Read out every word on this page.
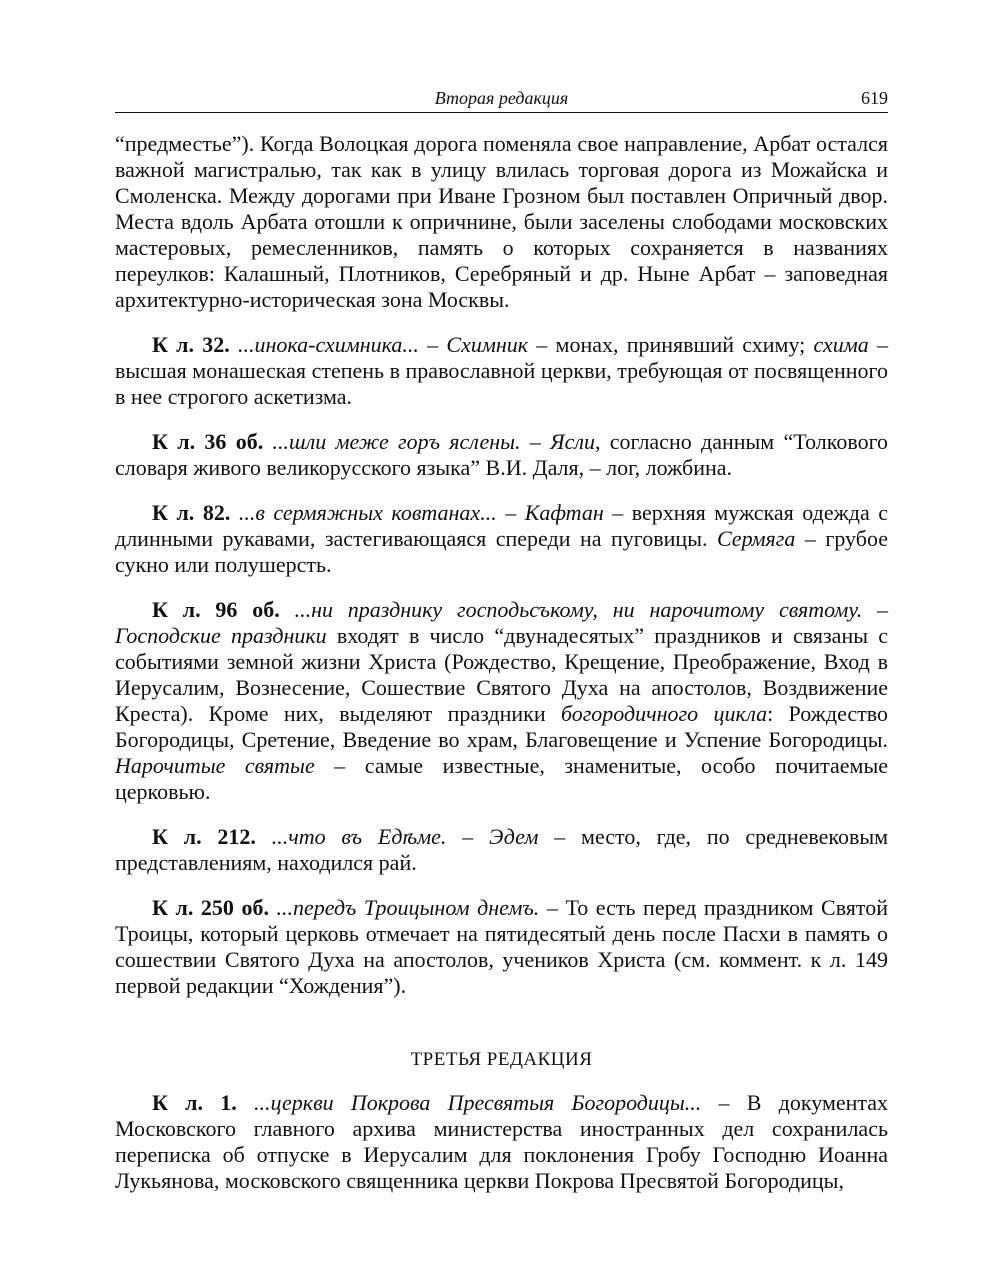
Вторая редакция	619

“предместье”). Когда Волоцкая дорога поменяла свое направление, Арбат остался важной магистралью, так как в улицу влилась торговая дорога из Можайска и Смоленска. Между дорогами при Иване Грозном был поставлен Опричный двор. Места вдоль Арбата отошли к опричнине, были заселены слободами московских мастеровых, ремесленников, память о которых сохраняется в названиях переулков: Калашный, Плотников, Серебряный и др. Ныне Арбат – заповедная архитектурно-историческая зона Москвы.

К л. 32. ...инока-схимника... – Схимник – монах, принявший схиму; схима – высшая монашеская степень в православной церкви, требующая от посвященного в нее строгого аскетизма.

К л. 36 об. ...шли меже горъ яслены. – Ясли, согласно данным “Толкового словаря живого великорусского языка” В.И. Даля, – лог, ложбина.

К л. 82. ...в сермяжных ковтанах... – Кафтан – верхняя мужская одежда с длинными рукавами, застегивающаяся спереди на пуговицы. Сермяга – грубое сукно или полушерсть.

К л. 96 об. ...ни празднику господьсъкому, ни нарочитому святому. – Господские праздники входят в число “двунадесятых” праздников и связаны с событиями земной жизни Христа (Рождество, Крещение, Преображение, Вход в Иерусалим, Вознесение, Сошествие Святого Духа на апостолов, Воздвижение Креста). Кроме них, выделяют праздники богородичного цикла: Рождество Богородицы, Сретение, Введение во храм, Благовещение и Успение Богородицы. Нарочитые святые – самые известные, знаменитые, особо почитаемые церковью.

К л. 212. ...что въ Едѣме. – Эдем – место, где, по средневековым представлениям, находился рай.

К л. 250 об. ...передъ Троицыном днемъ. – То есть перед праздником Святой Троицы, который церковь отмечает на пятидесятый день после Пасхи в память о сошествии Святого Духа на апостолов, учеников Христа (см. коммент. к л. 149 первой редакции “Хождения”).

ТРЕТЬЯ РЕДАКЦИЯ

К л. 1. ...церкви Покрова Пресвятыя Богородицы... – В документах Московского главного архива министерства иностранных дел сохранилась переписка об отпуске в Иерусалим для поклонения Гробу Господню Иоанна Лукьянова, московского священника церкви Покрова Пресвятой Богородицы,
